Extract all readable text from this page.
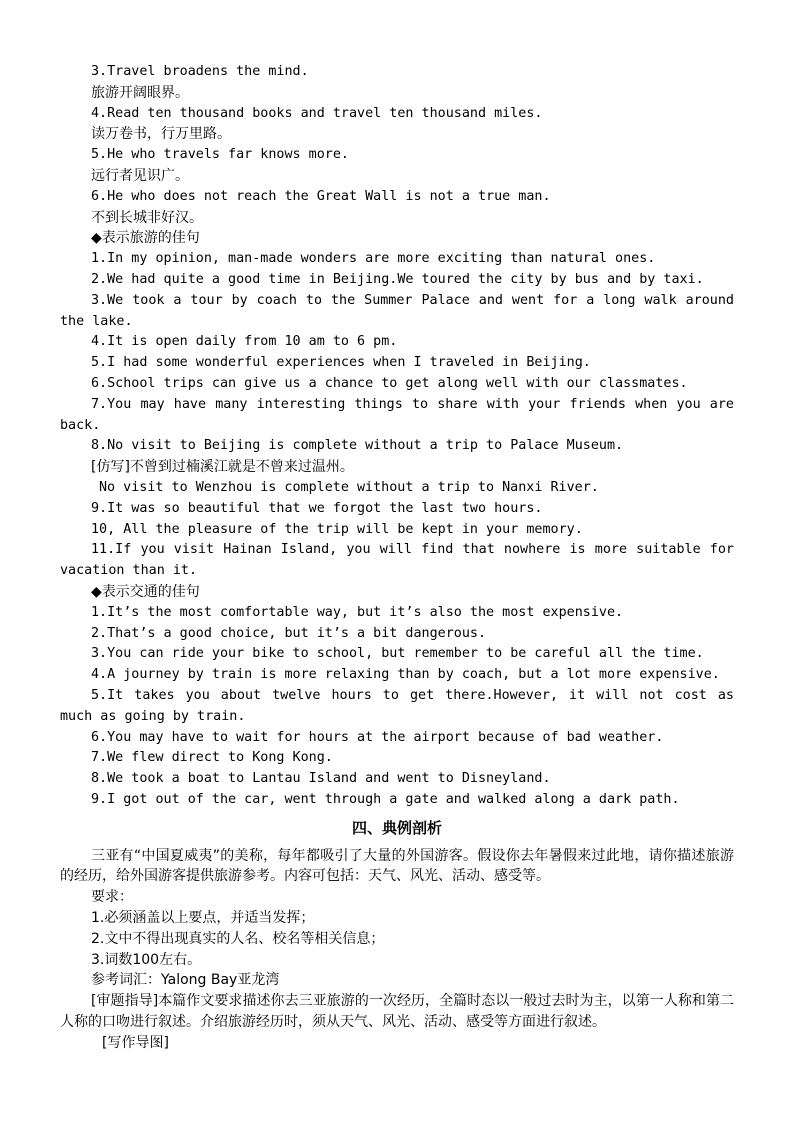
3.Travel broadens the mind.

旅游开阔眼界。

4.Read ten thousand books and travel ten thousand miles.

读万卷书，行万里路。

5.He who travels far knows more.

远行者见识广。

6.He who does not reach the Great Wall is not a true man.

不到长城非好汉。

◆表示旅游的佳句

1.In my opinion, man-made wonders are more exciting than natural ones.

2.We had quite a good time in Beijing.We toured the city by bus and by taxi.

3.We took a tour by coach to the Summer Palace and went for a long walk around the lake.

4.It is open daily from 10 am to 6 pm.

5.I had some wonderful experiences when I traveled in Beijing.

6.School trips can give us a chance to get along well with our classmates.

7.You may have many interesting things to share with your friends when you are back.

8.No visit to Beijing is complete without a trip to Palace Museum.

[仿写]不曾到过楠溪江就是不曾来过温州。

No visit to Wenzhou is complete without a trip to Nanxi River.

9.It was so beautiful that we forgot the last two hours.

10, All the pleasure of the trip will be kept in your memory.

11.If you visit Hainan Island, you will find that nowhere is more suitable for vacation than it.

◆表示交通的佳句

1.It’s the most comfortable way, but it’s also the most expensive.

2.That’s a good choice, but it’s a bit dangerous.

3.You can ride your bike to school, but remember to be careful all the time.

4.A journey by train is more relaxing than by coach, but a lot more expensive.

5.It takes you about twelve hours to get there.However, it will not cost as much as going by train.

6.You may have to wait for hours at the airport because of bad weather.

7.We flew direct to Kong Kong.

8.We took a boat to Lantau Island and went to Disneyland.

9.I got out of the car, went through a gate and walked along a dark path.

四、典例剖析

三亚有“中国夏威夷”的美称，每年都吸引了大量的外国游客。假设你去年暑假来过此地，请你描述旅游的经历，给外国游客提供旅游参考。内容可包括：天气、风光、活动、感受等。

要求：

1.必须涵盖以上要点，并适当发挥；

2.文中不得出现真实的人名、校名等相关信息；

3.词数100左右。

参考词汇：Yalong Bay亚龙湾

[审题指导]本篇作文要求描述你去三亚旅游的一次经历，全篇时态以一般过去时为主，以第一人称和第二人称的口吻进行叙述。介绍旅游经历时，须从天气、风光、活动、感受等方面进行叙述。

[写作导图]
